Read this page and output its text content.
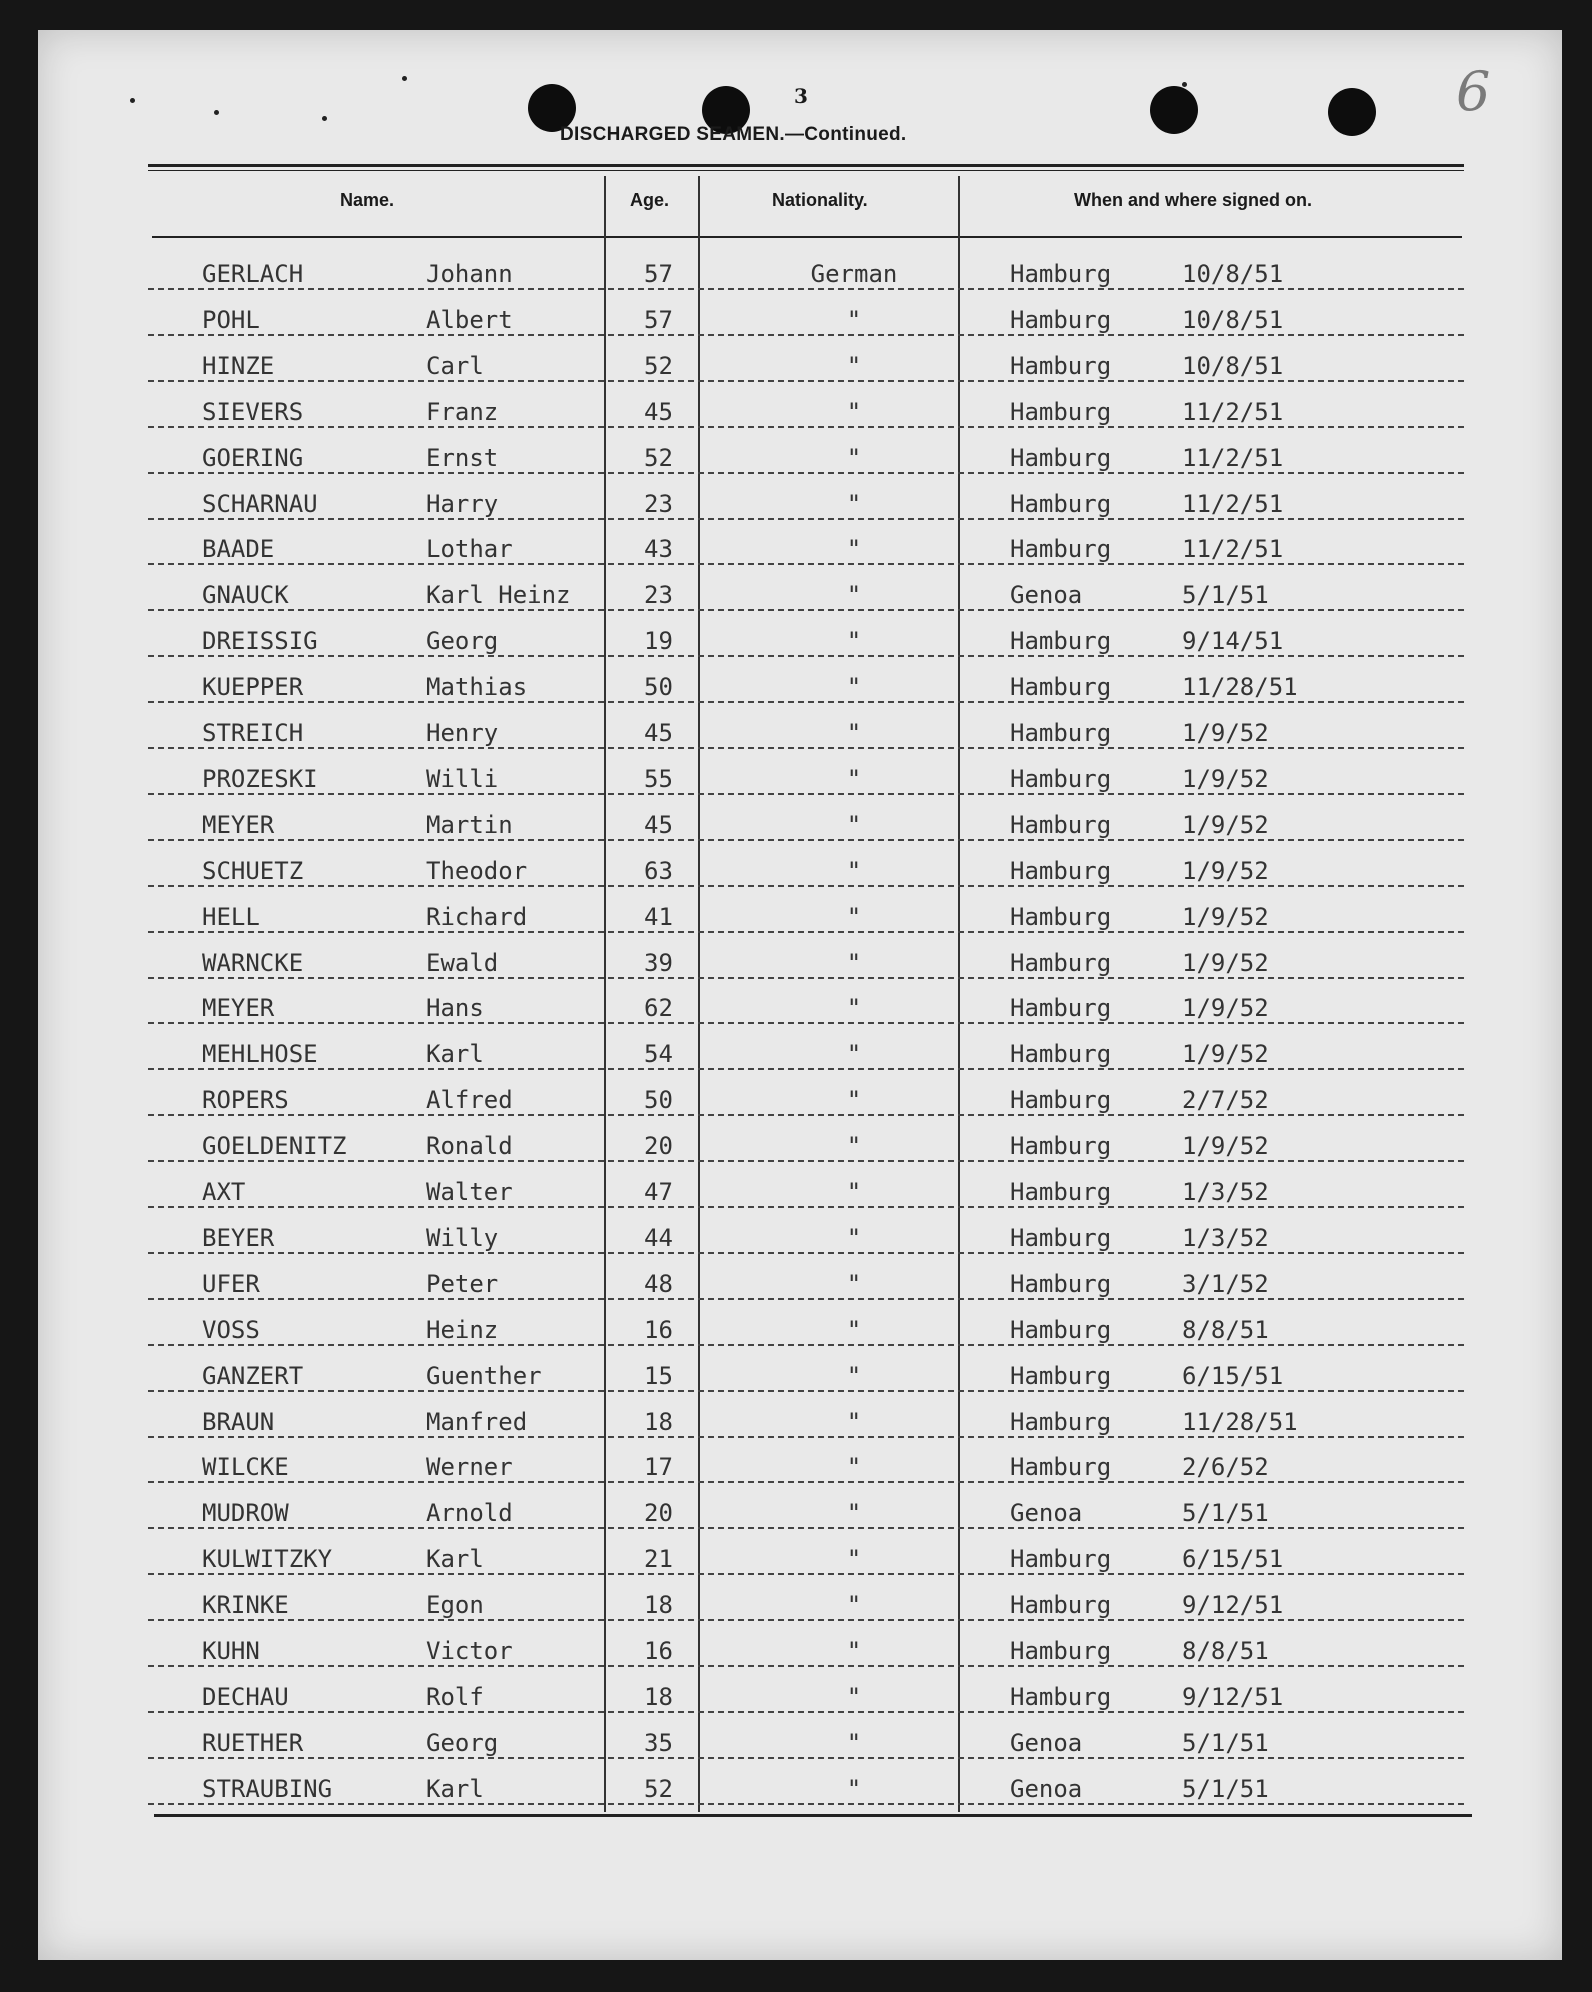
3
DISCHARGED SEAMEN.—Continued.
6
Name.	Age.	Nationality.	When and where signed on.
GERLACH	Johann	57	German	Hamburg	10/8/51
POHL	Albert	57	"	Hamburg	10/8/51
HINZE	Carl	52	"	Hamburg	10/8/51
SIEVERS	Franz	45	"	Hamburg	11/2/51
GOERING	Ernst	52	"	Hamburg	11/2/51
SCHARNAU	Harry	23	"	Hamburg	11/2/51
BAADE	Lothar	43	"	Hamburg	11/2/51
GNAUCK	Karl Heinz	23	"	Genoa	5/1/51
DREISSIG	Georg	19	"	Hamburg	9/14/51
KUEPPER	Mathias	50	"	Hamburg	11/28/51
STREICH	Henry	45	"	Hamburg	1/9/52
PROZESKI	Willi	55	"	Hamburg	1/9/52
MEYER	Martin	45	"	Hamburg	1/9/52
SCHUETZ	Theodor	63	"	Hamburg	1/9/52
HELL	Richard	41	"	Hamburg	1/9/52
WARNCKE	Ewald	39	"	Hamburg	1/9/52
MEYER	Hans	62	"	Hamburg	1/9/52
MEHLHOSE	Karl	54	"	Hamburg	1/9/52
ROPERS	Alfred	50	"	Hamburg	2/7/52
GOELDENITZ	Ronald	20	"	Hamburg	1/9/52
AXT	Walter	47	"	Hamburg	1/3/52
BEYER	Willy	44	"	Hamburg	1/3/52
UFER	Peter	48	"	Hamburg	3/1/52
VOSS	Heinz	16	"	Hamburg	8/8/51
GANZERT	Guenther	15	"	Hamburg	6/15/51
BRAUN	Manfred	18	"	Hamburg	11/28/51
WILCKE	Werner	17	"	Hamburg	2/6/52
MUDROW	Arnold	20	"	Genoa	5/1/51
KULWITZKY	Karl	21	"	Hamburg	6/15/51
KRINKE	Egon	18	"	Hamburg	9/12/51
KUHN	Victor	16	"	Hamburg	8/8/51
DECHAU	Rolf	18	"	Hamburg	9/12/51
RUETHER	Georg	35	"	Genoa	5/1/51
STRAUBING	Karl	52	"	Genoa	5/1/51
